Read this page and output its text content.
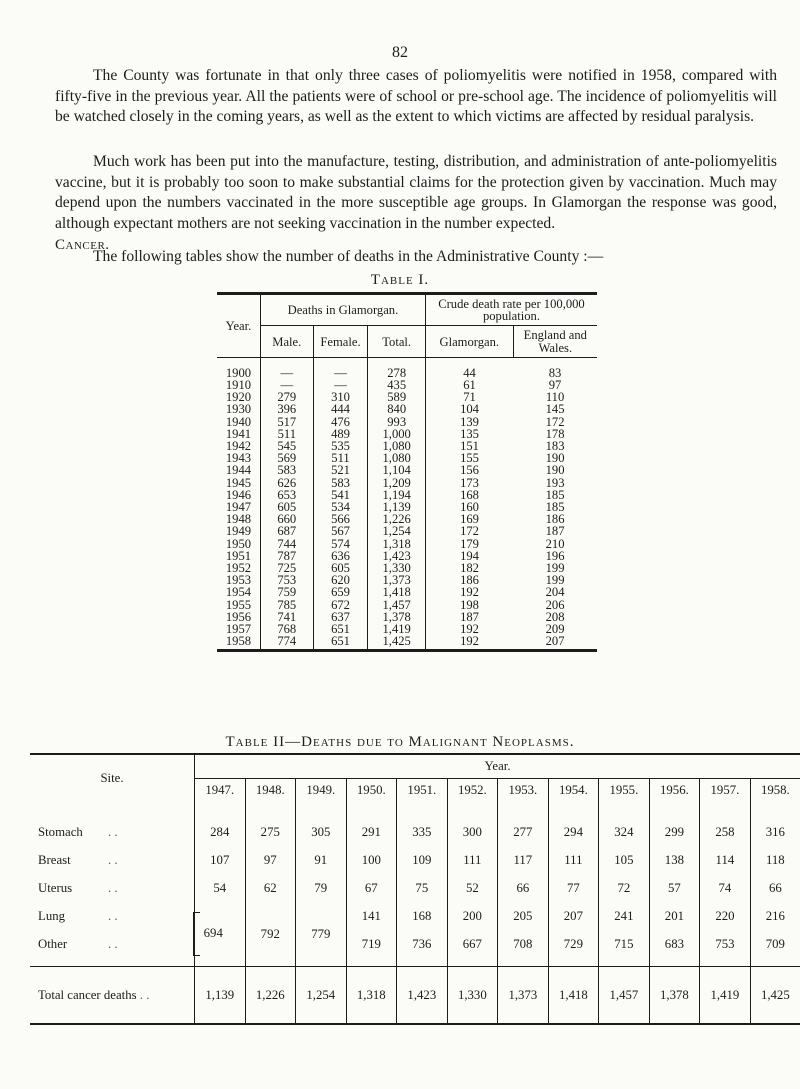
82

The County was fortunate in that only three cases of poliomyelitis were notified in 1958, compared with fifty-five in the previous year. All the patients were of school or pre-school age. The incidence of poliomyelitis will be watched closely in the coming years, as well as the extent to which victims are affected by residual paralysis.

Much work has been put into the manufacture, testing, distribution, and administration of ante-poliomyelitis vaccine, but it is probably too soon to make substantial claims for the protection given by vaccination. Much may depend upon the numbers vaccinated in the more susceptible age groups. In Glamorgan the response was good, although expectant mothers are not seeking vaccination in the number expected.

Cancer.

The following tables show the number of deaths in the Administrative County :—

Table I.
Year.	Deaths in Glamorgan.			Crude death rate per 100,000 population.	
	Male.	Female.	Total.	Glamorgan.	England and Wales.
1900	—	—	278	44	83
1910	—	—	435	61	97
1920	279	310	589	71	110
1930	396	444	840	104	145
1940	517	476	993	139	172
1941	511	489	1,000	135	178
1942	545	535	1,080	151	183
1943	569	511	1,080	155	190
1944	583	521	1,104	156	190
1945	626	583	1,209	173	193
1946	653	541	1,194	168	185
1947	605	534	1,139	160	185
1948	660	566	1,226	169	186
1949	687	567	1,254	172	187
1950	744	574	1,318	179	210
1951	787	636	1,423	194	196
1952	725	605	1,330	182	199
1953	753	620	1,373	186	199
1954	759	659	1,418	192	204
1955	785	672	1,457	198	206
1956	741	637	1,378	187	208
1957	768	651	1,419	192	209
1958	774	651	1,425	192	207
Table II—Deaths due to Malignant Neoplasms.
Site.	Year.											
	1947.	1948.	1949.	1950.	1951.	1952.	1953.	1954.	1955.	1956.	1957.	1958.
Stomach . .	284	275	305	291	335	300	277	294	324	299	258	316
Breast . .	107	97	91	100	109	111	117	111	105	138	114	118
Uterus . .	54	62	79	67	75	52	66	77	72	57	74	66
Lung . .	694	792	779	141	168	200	205	207	241	201	220	216
Other . .				719	736	667	708	729	715	683	753	709
Total cancer deaths . .	1,139	1,226	1,254	1,318	1,423	1,330	1,373	1,418	1,457	1,378	1,419	1,425
